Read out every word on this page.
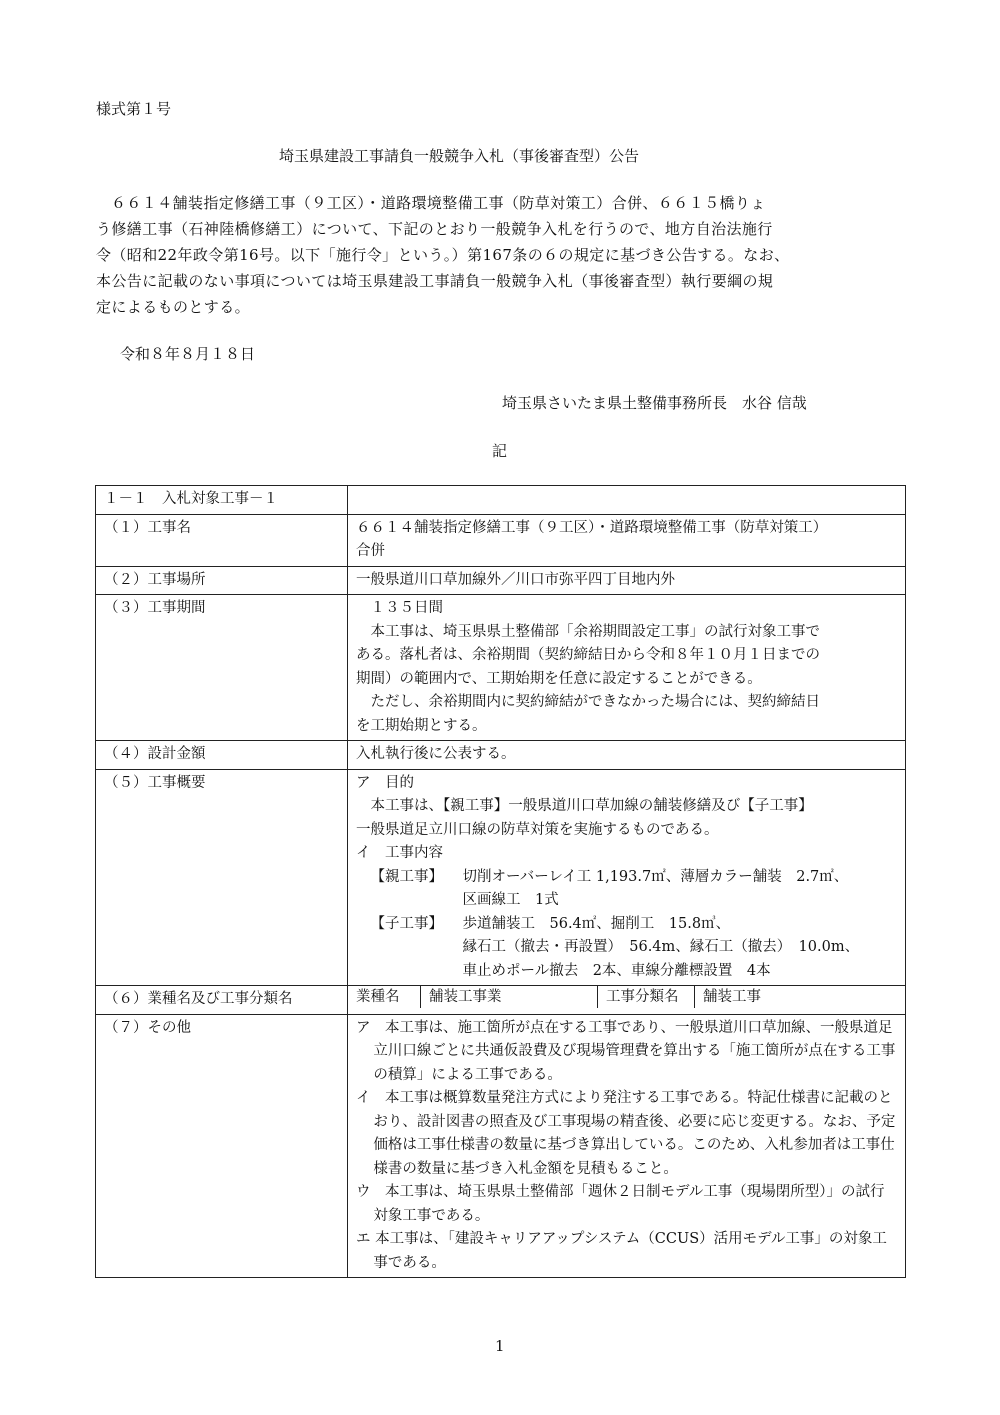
様式第１号
埼玉県建設工事請負一般競争入札（事後審査型）公告
６６１４舗装指定修繕工事（９工区）・道路環境整備工事（防草対策工）合併、６６１５橋りょ
う修繕工事（石神陸橋修繕工）について、下記のとおり一般競争入札を行うので、地方自治法施行
令（昭和22年政令第16号。以下「施行令」という。）第167条の６の規定に基づき公告する。なお、
本公告に記載のない事項については埼玉県建設工事請負一般競争入札（事後審査型）執行要綱の規
定によるものとする。
令和８年８月１８日
埼玉県さいたま県土整備事務所長　水谷 信哉
記
１－１　入札対象工事－１	
（１）工事名	６６１４舗装指定修繕工事（９工区）・道路環境整備工事（防草対策工）
合併

（２）工事場所	一般県道川口草加線外／川口市弥平四丁目地内外
（３）工事期間	１３５日間
本工事は、埼玉県県土整備部「余裕期間設定工事」の試行対象工事で
ある。落札者は、余裕期間（契約締結日から令和８年１０月１日までの
期間）の範囲内で、工期始期を任意に設定することができる。
ただし、余裕期間内に契約締結ができなかった場合には、契約締結日
を工期始期とする。

（４）設計金額	入札執行後に公表する。
（５）工事概要	ア　目的
本工事は、【親工事】一般県道川口草加線の舗装修繕及び【子工事】
一般県道足立川口線の防草対策を実施するものである。
イ　工事内容
【親工事】	切削オーバーレイ工 1,193.7㎡、薄層カラー舗装　2.7㎡、
区画線工　1式
【子工事】	歩道舗装工　56.4㎡、掘削工　15.8㎥、
縁石工（撤去・再設置）　56.4m、縁石工（撤去）　10.0m、
車止めポール撤去　2本、車線分離標設置　4本

（６）業種名及び工事分類名		業種名	舗装工事業	工事分類名	舗装工事

（７）その他	ア　本工事は、施工箇所が点在する工事であり、一般県道川口草加線、一般県道足立川口線ごとに共通仮設費及び現場管理費を算出する「施工箇所が点在する工事の積算」による工事である。
イ　本工事は概算数量発注方式により発注する工事である。特記仕様書に記載のとおり、設計図書の照査及び工事現場の精査後、必要に応じ変更する。なお、予定価格は工事仕様書の数量に基づき算出している。このため、入札参加者は工事仕様書の数量に基づき入札金額を見積もること。
ウ　本工事は、埼玉県県土整備部「週休２日制モデル工事（現場閉所型）」の試行対象工事である。
エ 本工事は、「建設キャリアアップシステム（CCUS）活用モデル工事」の対象工事である。
1
